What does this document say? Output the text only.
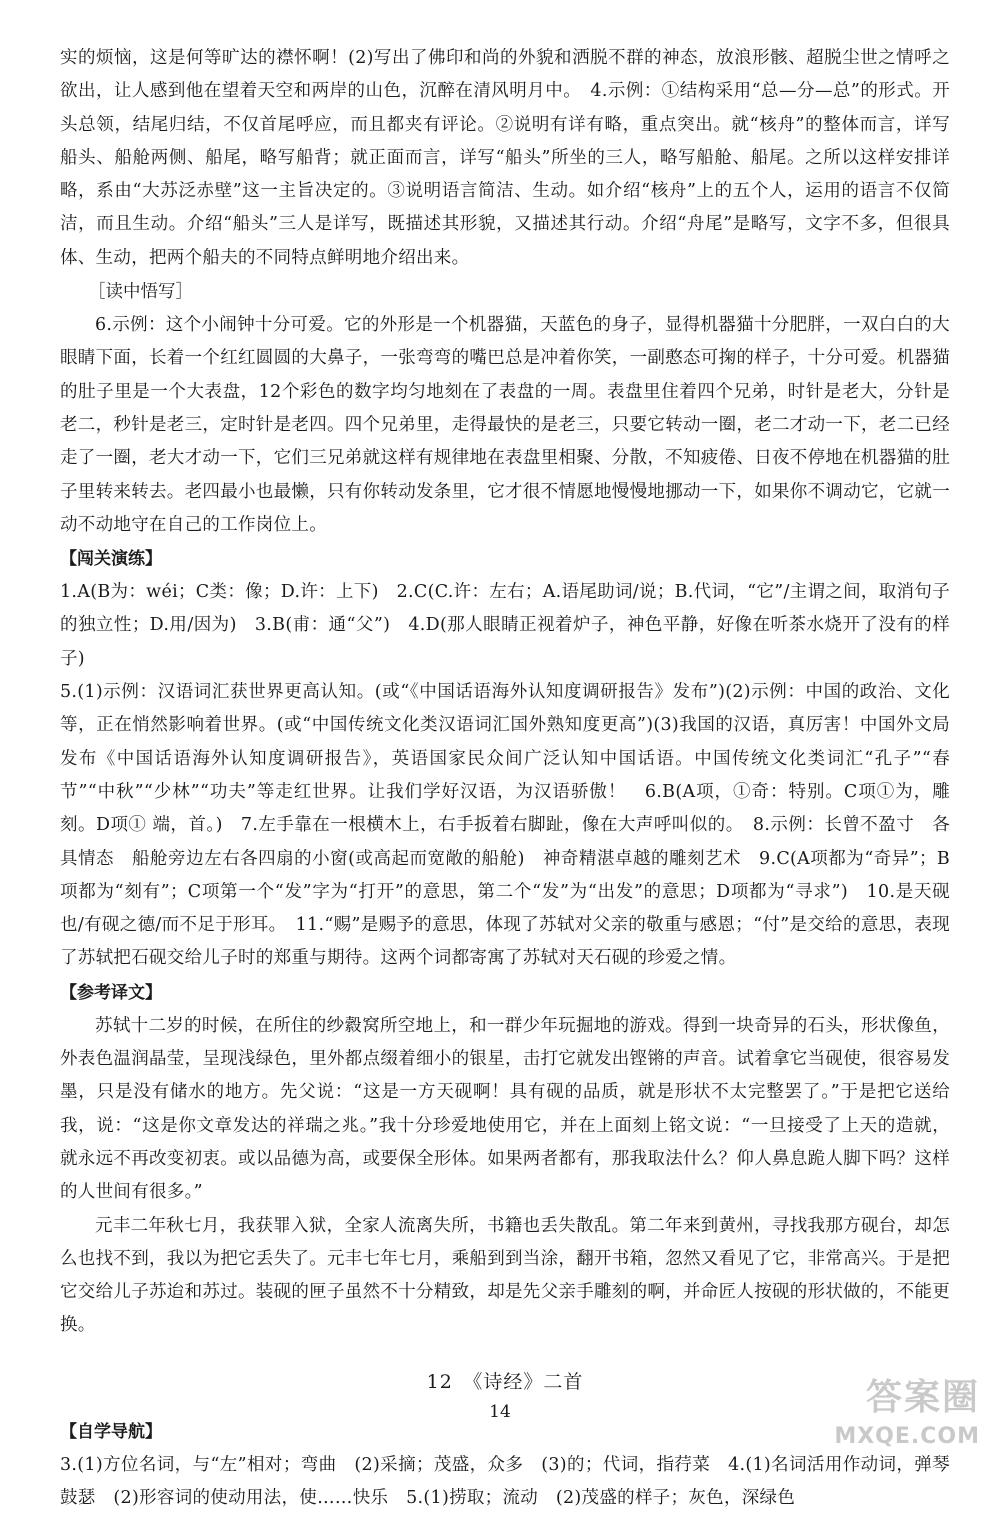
实的烦恼，这是何等旷达的襟怀啊！(2)写出了佛印和尚的外貌和洒脱不群的神态，放浪形骸、超脱尘世之情呼之欲出，让人感到他在望着天空和两岸的山色，沉醉在清风明月中。　4.示例：①结构采用“总—分—总”的形式。开头总领，结尾归结，不仅首尾呼应，而且都夹有评论。②说明有详有略，重点突出。就“核舟”的整体而言，详写船头、船舱两侧、船尾，略写船背；就正面而言，详写“船头”所坐的三人，略写船舱、船尾。之所以这样安排详略，系由“大苏泛赤壁”这一主旨决定的。③说明语言简洁、生动。如介绍“核舟”上的五个人，运用的语言不仅简洁，而且生动。介绍“船头”三人是详写，既描述其形貌，又描述其行动。介绍“舟尾”是略写，文字不多，但很具体、生动，把两个船夫的不同特点鲜明地介绍出来。

［读中悟写］

6.示例：这个小闹钟十分可爱。它的外形是一个机器猫，天蓝色的身子，显得机器猫十分肥胖，一双白白的大眼睛下面，长着一个红红圆圆的大鼻子，一张弯弯的嘴巴总是冲着你笑，一副憨态可掬的样子，十分可爱。机器猫的肚子里是一个大表盘，12个彩色的数字均匀地刻在了表盘的一周。表盘里住着四个兄弟，时针是老大，分针是老二，秒针是老三，定时针是老四。四个兄弟里，走得最快的是老三，只要它转动一圈，老二才动一下，老二已经走了一圈，老大才动一下，它们三兄弟就这样有规律地在表盘里相聚、分散，不知疲倦、日夜不停地在机器猫的肚子里转来转去。老四最小也最懒，只有你转动发条里，它才很不情愿地慢慢地挪动一下，如果你不调动它，它就一动不动地守在自己的工作岗位上。

【闯关演练】

1.A(B为：wéi；C类：像；D.许：上下)　2.C(C.许：左右；A.语尾助词/说；B.代词，“它”/主谓之间，取消句子的独立性；D.用/因为)　3.B(甫：通“父”)　4.D(那人眼睛正视着炉子，神色平静，好像在听茶水烧开了没有的样子)

5.(1)示例：汉语词汇获世界更高认知。(或“《中国话语海外认知度调研报告》发布”)(2)示例：中国的政治、文化等，正在悄然影响着世界。(或“中国传统文化类汉语词汇国外熟知度更高”)(3)我国的汉语，真厉害！中国外文局发布《中国话语海外认知度调研报告》，英语国家民众间广泛认知中国话语。中国传统文化类词汇“孔子”“春节”“中秋”“少林”“功夫”等走红世界。让我们学好汉语，为汉语骄傲！　6.B(A项，①奇：特别。C项①为，雕刻。D项① 端，首。)　7.左手靠在一根横木上，右手扳着右脚趾，像在大声呼叫似的。　8.示例：长曾不盈寸　各具情态　船舱旁边左右各四扇的小窗(或高起而宽敞的船舱)　神奇精湛卓越的雕刻艺术　9.C(A项都为“奇异”；B项都为“刻有”；C项第一个“发”字为“打开”的意思，第二个“发”为“出发”的意思；D项都为“寻求”)　10.是天砚也/有砚之德/而不足于形耳。　11.“赐”是赐予的意思，体现了苏轼对父亲的敬重与感恩；“付”是交给的意思，表现了苏轼把石砚交给儿子时的郑重与期待。这两个词都寄寓了苏轼对天石砚的珍爱之情。

【参考译文】

苏轼十二岁的时候，在所住的纱縠窝所空地上，和一群少年玩掘地的游戏。得到一块奇异的石头，形状像鱼，外表色温润晶莹，呈现浅绿色，里外都点缀着细小的银星，击打它就发出铿锵的声音。试着拿它当砚使，很容易发墨，只是没有储水的地方。先父说：“这是一方天砚啊！具有砚的品质，就是形状不太完整罢了。”于是把它送给我，说：“这是你文章发达的祥瑞之兆。”我十分珍爱地使用它，并在上面刻上铭文说：“一旦接受了上天的造就，就永远不再改变初衷。或以品德为高，或要保全形体。如果两者都有，那我取法什么？仰人鼻息跪人脚下吗？这样的人世间有很多。”

元丰二年秋七月，我获罪入狱，全家人流离失所，书籍也丢失散乱。第二年来到黄州，寻找我那方砚台，却怎么也找不到，我以为把它丢失了。元丰七年七月，乘船到到当涂，翻开书箱，忽然又看见了它，非常高兴。于是把它交给儿子苏迨和苏过。装砚的匣子虽然不十分精致，却是先父亲手雕刻的啊，并命匠人按砚的形状做的，不能更换。

12　《诗经》二首
【自学导航】

3.(1)方位名词，与“左”相对；弯曲　(2)采摘；茂盛，众多　(3)的；代词，指荇菜　4.(1)名词活用作动词，弹琴鼓瑟　(2)形容词的使动用法，使……快乐　5.(1)捞取；流动　(2)茂盛的样子；灰色，深绿色

14	答案圈
MXQE.COM
